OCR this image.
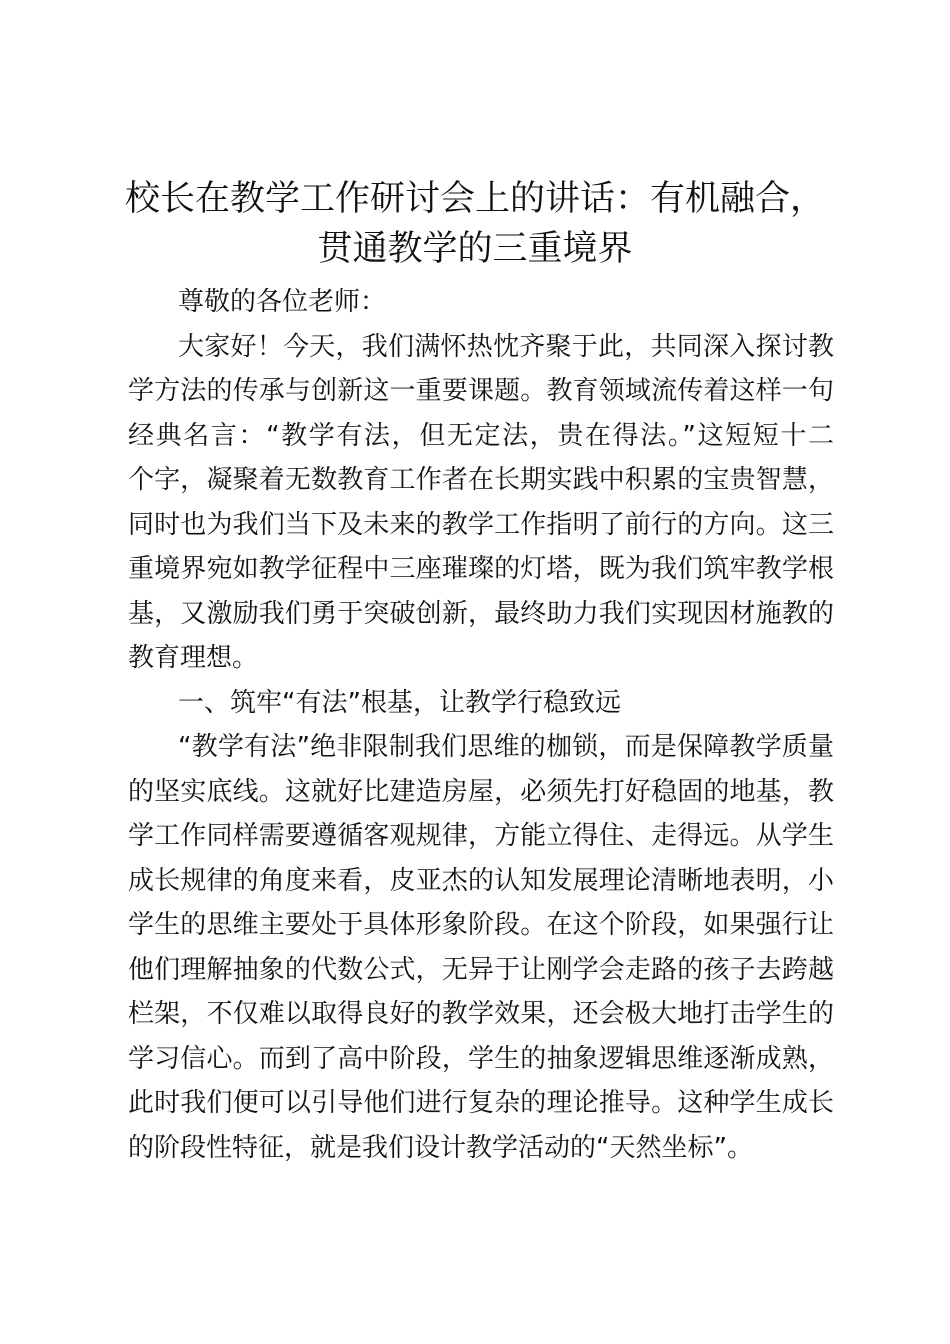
校长在教学工作研讨会上的讲话：有机融合，
贯通教学的三重境界
尊敬的各位老师：
大家好！今天，我们满怀热忱齐聚于此，共同深入探讨教
学方法的传承与创新这一重要课题。教育领域流传着这样一句
经典名言：“教学有法，但无定法，贵在得法。”这短短十二
个字，凝聚着无数教育工作者在长期实践中积累的宝贵智慧，
同时也为我们当下及未来的教学工作指明了前行的方向。这三
重境界宛如教学征程中三座璀璨的灯塔，既为我们筑牢教学根
基，又激励我们勇于突破创新，最终助力我们实现因材施教的
教育理想。
一、筑牢“有法”根基，让教学行稳致远
“教学有法”绝非限制我们思维的枷锁，而是保障教学质量
的坚实底线。这就好比建造房屋，必须先打好稳固的地基，教
学工作同样需要遵循客观规律，方能立得住、走得远。从学生
成长规律的角度来看，皮亚杰的认知发展理论清晰地表明，小
学生的思维主要处于具体形象阶段。在这个阶段，如果强行让
他们理解抽象的代数公式，无异于让刚学会走路的孩子去跨越
栏架，不仅难以取得良好的教学效果，还会极大地打击学生的
学习信心。而到了高中阶段，学生的抽象逻辑思维逐渐成熟，
此时我们便可以引导他们进行复杂的理论推导。这种学生成长
的阶段性特征，就是我们设计教学活动的“天然坐标”。
